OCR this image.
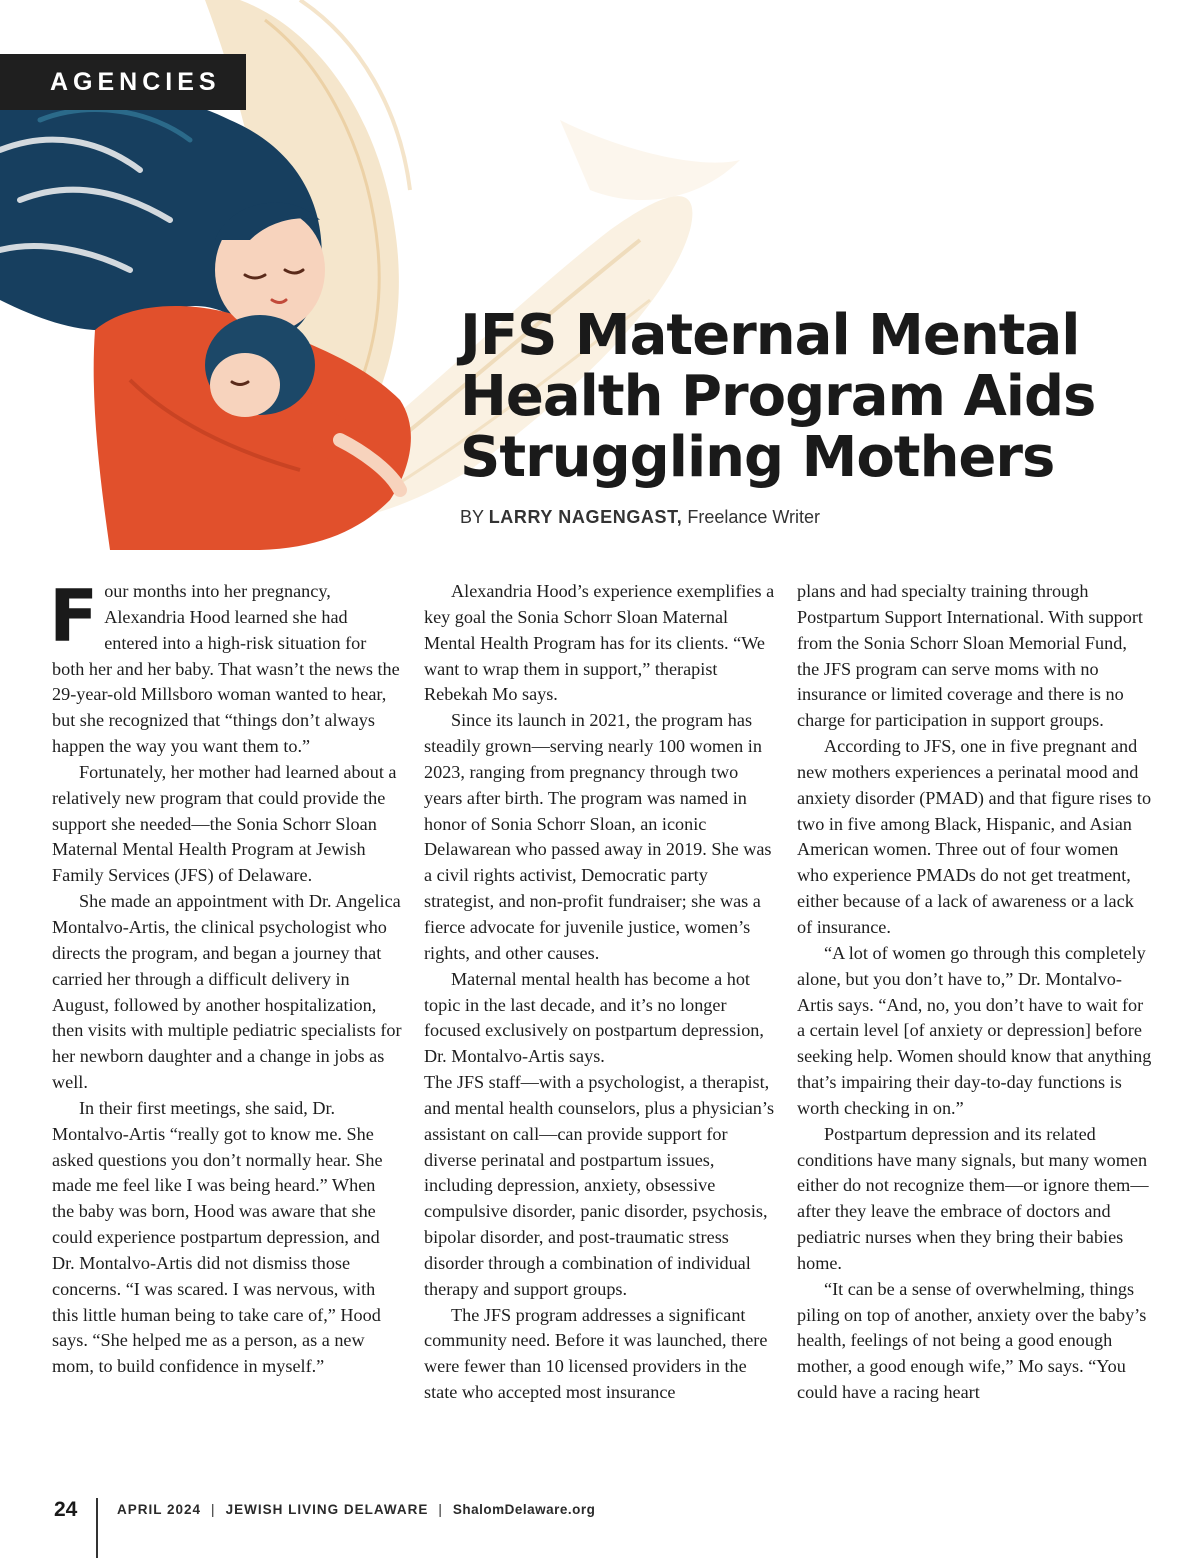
AGENCIES
JFS Maternal Mental Health Program Aids Struggling Mothers
BY LARRY NAGENGAST, Freelance Writer

Four months into her pregnancy, Alexandria Hood learned she had entered into a high-risk situation for both her and her baby. That wasn’t the news the 29-year-old Millsboro woman wanted to hear, but she recognized that “things don’t always happen the way you want them to.”

Fortunately, her mother had learned about a relatively new program that could provide the support she needed—the Sonia Schorr Sloan Maternal Mental Health Program at Jewish Family Services (JFS) of Delaware.

She made an appointment with Dr. Angelica Montalvo-Artis, the clinical psychologist who directs the program, and began a journey that carried her through a difficult delivery in August, followed by another hospitalization, then visits with multiple pediatric specialists for her newborn daughter and a change in jobs as well.

In their first meetings, she said, Dr. Montalvo-Artis “really got to know me. She asked questions you don’t normally hear. She made me feel like I was being heard.” When the baby was born, Hood was aware that she could experience postpartum depression, and Dr. Montalvo-Artis did not dismiss those concerns. “I was scared. I was nervous, with this little human being to take care of,” Hood says. “She helped me as a person, as a new mom, to build confidence in myself.”

Alexandria Hood’s experience exemplifies a key goal the Sonia Schorr Sloan Maternal Mental Health Program has for its clients. “We want to wrap them in support,” therapist Rebekah Mo says.

Since its launch in 2021, the program has steadily grown—serving nearly 100 women in 2023, ranging from pregnancy through two years after birth. The program was named in honor of Sonia Schorr Sloan, an iconic Delawarean who passed away in 2019. She was a civil rights activist, Democratic party strategist, and non-profit fundraiser; she was a fierce advocate for juvenile justice, women’s rights, and other causes.

Maternal mental health has become a hot topic in the last decade, and it’s no longer focused exclusively on postpartum depression, Dr. Montalvo-Artis says.

The JFS staff—with a psychologist, a therapist, and mental health counselors, plus a physician’s assistant on call—can provide support for diverse perinatal and postpartum issues, including depression, anxiety, obsessive compulsive disorder, panic disorder, psychosis, bipolar disorder, and post-traumatic stress disorder through a combination of individual therapy and support groups.

The JFS program addresses a significant community need. Before it was launched, there were fewer than 10 licensed providers in the state who accepted most insurance

plans and had specialty training through Postpartum Support International. With support from the Sonia Schorr Sloan Memorial Fund, the JFS program can serve moms with no insurance or limited coverage and there is no charge for participation in support groups.

According to JFS, one in five pregnant and new mothers experiences a perinatal mood and anxiety disorder (PMAD) and that figure rises to two in five among Black, Hispanic, and Asian American women. Three out of four women who experience PMADs do not get treatment, either because of a lack of awareness or a lack of insurance.

“A lot of women go through this completely alone, but you don’t have to,” Dr. Montalvo-Artis says. “And, no, you don’t have to wait for a certain level [of anxiety or depression] before seeking help. Women should know that anything that’s impairing their day-to-day functions is worth checking in on.”

Postpartum depression and its related conditions have many signals, but many women either do not recognize them—or ignore them—after they leave the embrace of doctors and pediatric nurses when they bring their babies home.

“It can be a sense of overwhelming, things piling on top of another, anxiety over the baby’s health, feelings of not being a good enough mother, a good enough wife,” Mo says. “You could have a racing heart

24	APRIL 2024 | JEWISH LIVING DELAWARE | ShalomDelaware.org
